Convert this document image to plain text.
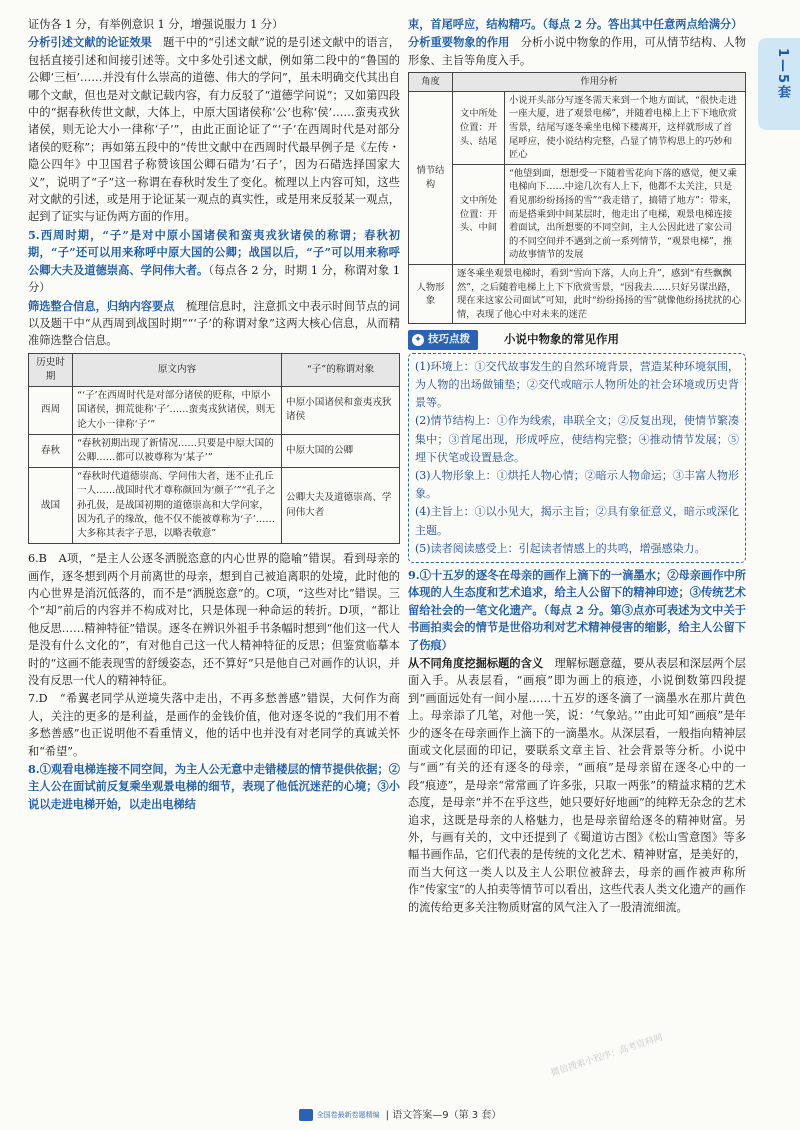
1—5套

证伪各 1 分，有举例意识 1 分，增强说服力 1 分）

分析引述文献的论证效果　题干中的“引述文献”说的是引述文献中的语言，包括直接引述和间接引述等。文中多处引述文献，例如第二段中的“鲁国的公卿‘三桓’……并没有什么崇高的道德、伟大的学问”，虽未明确交代其出自哪个文献，但也是对文献记载内容，有力反驳了“道德学问说”；又如第四段中的“据春秋传世文献，大体上，中原大国诸侯称‘公’也称‘侯’……蛮夷戎狄诸侯，则无论大小一律称‘子’”，由此正面论证了“‘子’在西周时代是对部分诸侯的贬称”；再如第五段中的“传世文献中在西周时代最早例子是《左传・隐公四年》中卫国君子称赞该国公卿石碏为‘石子’，因为石碏选择国家大义”，说明了“子”这一称谓在春秋时发生了变化。梳理以上内容可知，这些对文献的引述，或是用于论证某一观点的真实性，或是用来反驳某一观点，起到了证实与证伪两方面的作用。

5.西周时期，“子”是对中原小国诸侯和蛮夷戎狄诸侯的称谓；春秋初期，“子”还可以用来称呼中原大国的公卿；战国以后，“子”可以用来称呼公卿大夫及道德崇高、学问伟大者。（每点各 2 分，时期 1 分，称谓对象 1 分）

筛选整合信息，归纳内容要点　梳理信息时，注意抓文中表示时间节点的词以及题干中“从西周到战国时期”“‘子’的称谓对象”这两大核心信息，从而精准筛选整合信息。

历史时期	原文内容	“子”的称谓对象
西周	“‘子’在西周时代是对部分诸侯的贬称，中原小国诸侯，拥荒徙称‘子’……蛮夷戎狄诸侯，则无论大小一律称‘子’”	中原小国诸侯和蛮夷戎狄诸侯
春秋	“春秋初期出现了新情况……只要是中原大国的公卿……都可以被尊称为‘某子’”	中原大国的公卿
战国	“春秋时代道德崇高、学问伟大者，迷不止孔丘一人……战国时代才尊称颜回为‘颜子’”“孔子之孙孔伋，是战国初期的道德崇高和大学问家，因为孔子的缘故，他不仅不能被尊称为‘子’……大多称其表字子思，以略表敬意”	公卿大夫及道德崇高、学问伟大者

6.B　A项，“是主人公逐冬洒脱恣意的内心世界的隐喻”错误。看到母亲的画作，逐冬想到两个月前离世的母亲，想到自己被追离职的处境，此时他的内心世界是消沉低落的，而不是“洒脱恣意”的。C项，“这些对比”错误。三个“却”前后的内容并不构成对比，只是体现一种命运的转折。D项，“都让他反思……精神特征”错误。逐冬在辨识外祖手书条幅时想到“他们这一代人是没有什么文化的”，有对他自己这一代人精神特征的反思；但鉴赏临摹本时的“这画不能表现雪的舒缓姿态，还不算好”只是他自己对画作的认识，并没有反思一代人的精神特征。

7.D　“希翼老同学从逆境失落中走出，不再多愁善感”错误，大何作为商人，关注的更多的是利益，是画作的金钱价值，他对逐冬说的“我们用不着多愁善感”也正说明他不看重情义，他的话中也并没有对老同学的真诚关怀和“希望”。

8.①观看电梯连接不同空间，为主人公无意中走错楼层的情节提供依据；②主人公在面试前反复乘坐观景电梯的细节，表现了他低沉迷茫的心境；③小说以走进电梯开始，以走出电梯结

束，首尾呼应，结构精巧。（每点 2 分。答出其中任意两点给满分）

分析重要物象的作用　分析小说中物象的作用，可从情节结构、人物形象、主旨等角度入手。

角度	作用分析	
情节结构	文中所处位置：开头、结尾	小说开头部分写逐冬需天来到一个地方面试，“很快走进一座大厦，进了观景电梯”，并随着电梯上上下下地欣赏雪景，结尾写逐冬乘坐电梯下楼离开，这样就形成了首尾呼应，使小说结构完整，凸显了情节构思上的巧妙和匠心
	文中所处位置：开头、中间	“他望到面，想想受一下随着雪花向下落的感觉，便又乘电梯向下……中途几次有人上下，他都不太关注，只是看见那纷纷扬扬的雪”“我走错了，搞错了地方”：带来，而是搭乘到中间某层时，他走出了电梯，观景电梯连接着面试，出所想要的不同空间，主人公因此进了家公司的不同空间并不遇到之前一系列情节，“观景电梯”，推动故事情节的发展
人物形象	逐冬乘坐观景电梯时，看到“雪向下落，人向上升”，感到“有些飘飘然”，之后随着电梯上上下下欣赏雪景，“因我去……只好另谋出路，现在来这家公司面试”可知，此时“纷纷扬扬的雪”就像他纷扬扰扰的心情，表现了他心中对未来的迷茫	
✦ 技巧点拨	小说中物象的常见作用

(1)环境上：①交代故事发生的自然环境背景，营造某种环境氛围，为人物的出场做铺垫；②交代或暗示人物所处的社会环境或历史背景等。

(2)情节结构上：①作为线索，串联全文；②反复出现，使情节繁凑集中；③首尾出现，形成呼应，使结构完整；④推动情节发展；⑤埋下伏笔或设置悬念。

(3)人物形象上：①烘托人物心情；②暗示人物命运；③丰富人物形象。

(4)主旨上：①以小见大，揭示主旨；②具有象征意义，暗示或深化主题。

(5)读者阅读感受上：引起读者情感上的共鸣，增强感染力。

9.①十五岁的逐冬在母亲的画作上滴下的一滴墨水；②母亲画作中所体现的人生态度和艺术追求，给主人公留下的精神印迹；③传统艺术留给社会的一笔文化遗产。（每点 2 分。第③点亦可表述为文中关于书画拍卖会的情节是世俗功利对艺术精神侵害的缩影，给主人公留下了伤痕）

从不同角度挖掘标题的含义　理解标题意蕴，要从表层和深层两个层面入手。从表层看，“画痕”即为画上的痕迹，小说倒数第四段提到“画面远处有一间小屋……十五岁的逐冬滴了一滴墨水在那片黄色上。母亲添了几笔，对他一笑，说：‘气象站。’”由此可知“画痕”是年少的逐冬在母亲画作上滴下的一滴墨水。从深层看，一般指向精神层面或文化层面的印记，要联系文章主旨、社会背景等分析。小说中与“画”有关的还有逐冬的母亲，“画痕”是母亲留在逐冬心中的一段“痕迹”，是母亲“常常画了许多张，只取一两张”的精益求精的艺术态度，是母亲“并不在乎这些，她只要好好地画”的纯粹无杂念的艺术追求，这既是母亲的人格魅力，也是母亲留给逐冬的精神财富。另外，与画有关的，文中还提到了《蜀道访古图》《松山雪意图》等多幅书画作品，它们代表的是传统的文化艺术、精神财富，是美好的，而当大何这一类人以及主人公职位被辞去，母亲的画作被声称所作“传家宝”的人拍卖等情节可以看出，这些代表人类文化遗产的画作的流传给更多关注物质财富的风气注入了一股清流细流。

微信搜索小程序：高考资料网
全国卷最新卷题精编 | 语文答案—9（第 3 套）
